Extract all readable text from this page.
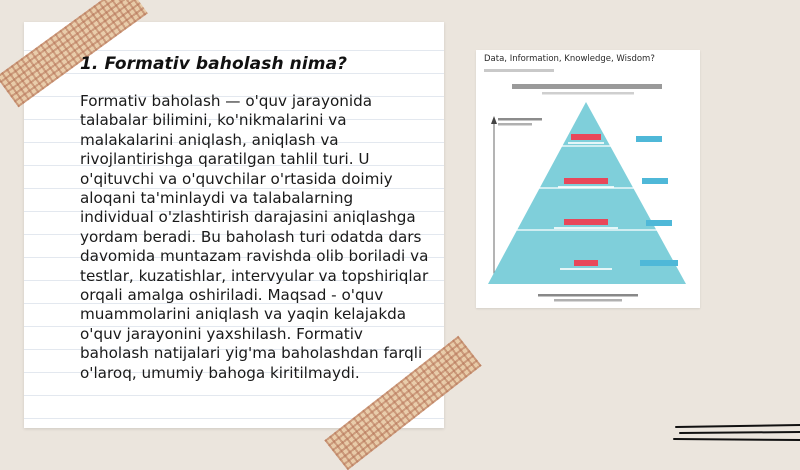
1. Formativ baholash nima?

Formativ baholash — o'quv jarayonida talabalar bilimini, ko'nikmalarini va malakalarini aniqlash, aniqlash va rivojlantirishga qaratilgan tahlil turi. U o'qituvchi va o'quvchilar o'rtasida doimiy aloqani ta'minlaydi va talabalarning individual o'zlashtirish darajasini aniqlashga yordam beradi. Bu baholash turi odatda dars davomida muntazam ravishda olib boriladi va testlar, kuzatishlar, intervyular va topshiriqlar orqali amalga oshiriladi. Maqsad - o'quv muammolarini aniqlash va yaqin kelajakda o'quv jarayonini yaxshilash. Formativ baholash natijalari yig'ma baholashdan farqli o'laroq, umumiy bahoga kiritilmaydi.

Data, Information, Knowledge, Wisdom?
